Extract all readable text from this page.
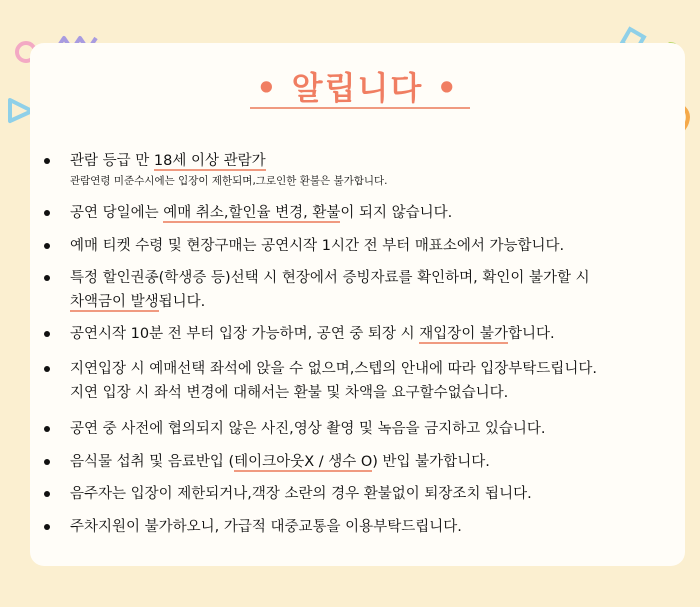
• 알립니다 •
관람 등급 만 18세 이상 관람가
관람연령 미준수시에는 입장이 제한되며,그로인한 환불은 불가합니다.
공연 당일에는 예매 취소,할인율 변경, 환불이 되지 않습니다.
예매 티켓 수령 및 현장구매는 공연시작 1시간 전 부터 매표소에서 가능합니다.
특정 할인권종(학생증 등)선택 시 현장에서 증빙자료를 확인하며, 확인이 불가할 시
차액금이 발생됩니다.
공연시작 10분 전 부터 입장 가능하며, 공연 중 퇴장 시 재입장이 불가합니다.
지연입장 시 예매선택 좌석에 앉을 수 없으며,스텝의 안내에 따라 입장부탁드립니다.
지연 입장 시 좌석 변경에 대해서는 환불 및 차액을 요구할수없습니다.
공연 중 사전에 협의되지 않은 사진,영상 촬영 및 녹음을 금지하고 있습니다.
음식물 섭취 및 음료반입 (테이크아웃X / 생수 O) 반입 불가합니다.
음주자는 입장이 제한되거나,객장 소란의 경우 환불없이 퇴장조치 됩니다.
주차지원이 불가하오니, 가급적 대중교통을 이용부탁드립니다.
